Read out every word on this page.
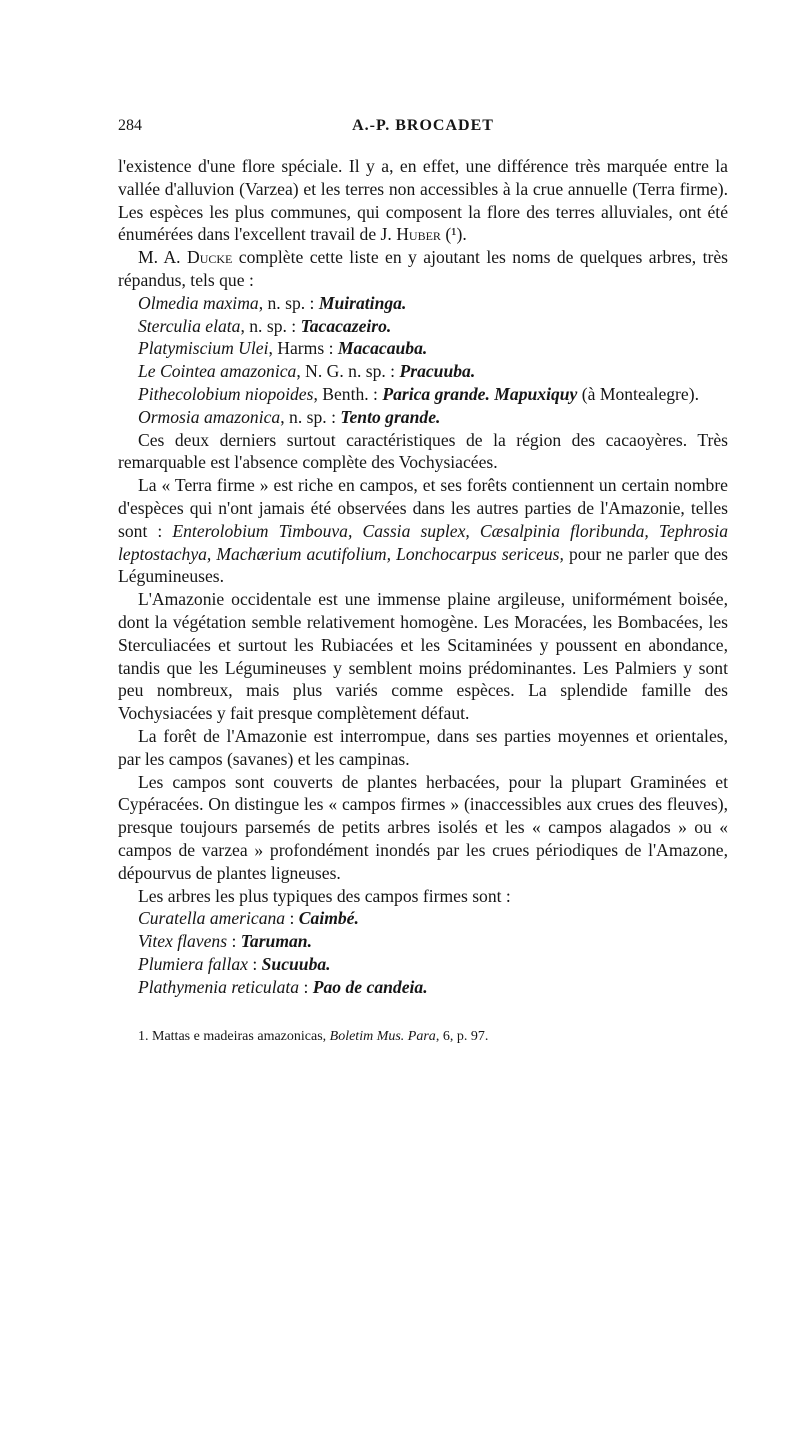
284	A.-P. BROCADET

l'existence d'une flore spéciale. Il y a, en effet, une différence très marquée entre la vallée d'alluvion (Varzea) et les terres non accessibles à la crue annuelle (Terra firme). Les espèces les plus communes, qui composent la flore des terres alluviales, ont été énumérées dans l'excellent travail de J. Huber (¹).

M. A. Ducke complète cette liste en y ajoutant les noms de quelques arbres, très répandus, tels que :

Olmedia maxima, n. sp. : Muiratinga.

Sterculia elata, n. sp. : Tacacazeiro.

Platymiscium Ulei, Harms : Macacauba.

Le Cointea amazonica, N. G. n. sp. : Pracuuba.

Pithecolobium niopoides, Benth. : Parica grande. Mapuxiquy (à Montealegre).

Ormosia amazonica, n. sp. : Tento grande.

Ces deux derniers surtout caractéristiques de la région des cacaoyères. Très remarquable est l'absence complète des Vochysiacées.

La « Terra firme » est riche en campos, et ses forêts contiennent un certain nombre d'espèces qui n'ont jamais été observées dans les autres parties de l'Amazonie, telles sont : Enterolobium Timbouva, Cassia suplex, Cæsalpinia floribunda, Tephrosia leptostachya, Machærium acutifolium, Lonchocarpus sericeus, pour ne parler que des Légumineuses.

L'Amazonie occidentale est une immense plaine argileuse, uniformément boisée, dont la végétation semble relativement homogène. Les Moracées, les Bombacées, les Sterculiacées et surtout les Rubiacées et les Scitaminées y poussent en abondance, tandis que les Légumineuses y semblent moins prédominantes. Les Palmiers y sont peu nombreux, mais plus variés comme espèces. La splendide famille des Vochysiacées y fait presque complètement défaut.

La forêt de l'Amazonie est interrompue, dans ses parties moyennes et orientales, par les campos (savanes) et les campinas.

Les campos sont couverts de plantes herbacées, pour la plupart Graminées et Cypéracées. On distingue les « campos firmes » (inaccessibles aux crues des fleuves), presque toujours parsemés de petits arbres isolés et les « campos alagados » ou « campos de varzea » profondément inondés par les crues périodiques de l'Amazone, dépourvus de plantes ligneuses.

Les arbres les plus typiques des campos firmes sont :

Curatella americana : Caimbé.

Vitex flavens : Taruman.

Plumiera fallax : Sucuuba.

Plathymenia reticulata : Pao de candeia.

1. Mattas e madeiras amazonicas, Boletim Mus. Para, 6, p. 97.
